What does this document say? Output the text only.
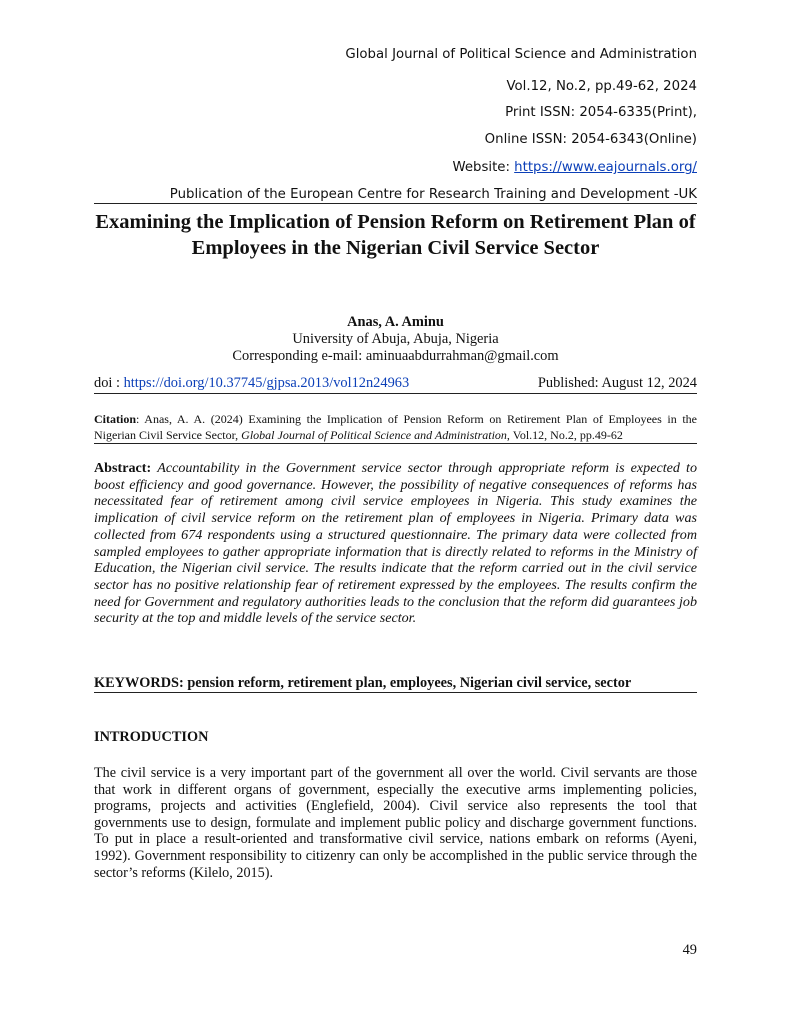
Global Journal of Political Science and Administration
Vol.12, No.2, pp.49-62, 2024
Print ISSN: 2054-6335(Print),
Online ISSN: 2054-6343(Online)
Website: https://www.eajournals.org/
Publication of the European Centre for Research Training and Development -UK
Examining the Implication of Pension Reform on Retirement Plan of Employees in the Nigerian Civil Service Sector
Anas, A. Aminu
University of Abuja, Abuja, Nigeria
Corresponding e-mail: aminuaabdurrahman@gmail.com
doi : https://doi.org/10.37745/gjpsa.2013/vol12n24963	Published: August 12, 2024

Citation: Anas, A. A. (2024) Examining the Implication of Pension Reform on Retirement Plan of Employees in the Nigerian Civil Service Sector, Global Journal of Political Science and Administration, Vol.12, No.2, pp.49-62

Abstract: Accountability in the Government service sector through appropriate reform is expected to boost efficiency and good governance. However, the possibility of negative consequences of reforms has necessitated fear of retirement among civil service employees in Nigeria. This study examines the implication of civil service reform on the retirement plan of employees in Nigeria. Primary data was collected from 674 respondents using a structured questionnaire. The primary data were collected from sampled employees to gather appropriate information that is directly related to reforms in the Ministry of Education, the Nigerian civil service. The results indicate that the reform carried out in the civil service sector has no positive relationship fear of retirement expressed by the employees. The results confirm the need for Government and regulatory authorities leads to the conclusion that the reform did guarantees job security at the top and middle levels of the service sector.

KEYWORDS: pension reform, retirement plan, employees, Nigerian civil service, sector
INTRODUCTION

The civil service is a very important part of the government all over the world. Civil servants are those that work in different organs of government, especially the executive arms implementing policies, programs, projects and activities (Englefield, 2004). Civil service also represents the tool that governments use to design, formulate and implement public policy and discharge government functions. To put in place a result-oriented and transformative civil service, nations embark on reforms (Ayeni, 1992). Government responsibility to citizenry can only be accomplished in the public service through the sector’s reforms (Kilelo, 2015).

49
